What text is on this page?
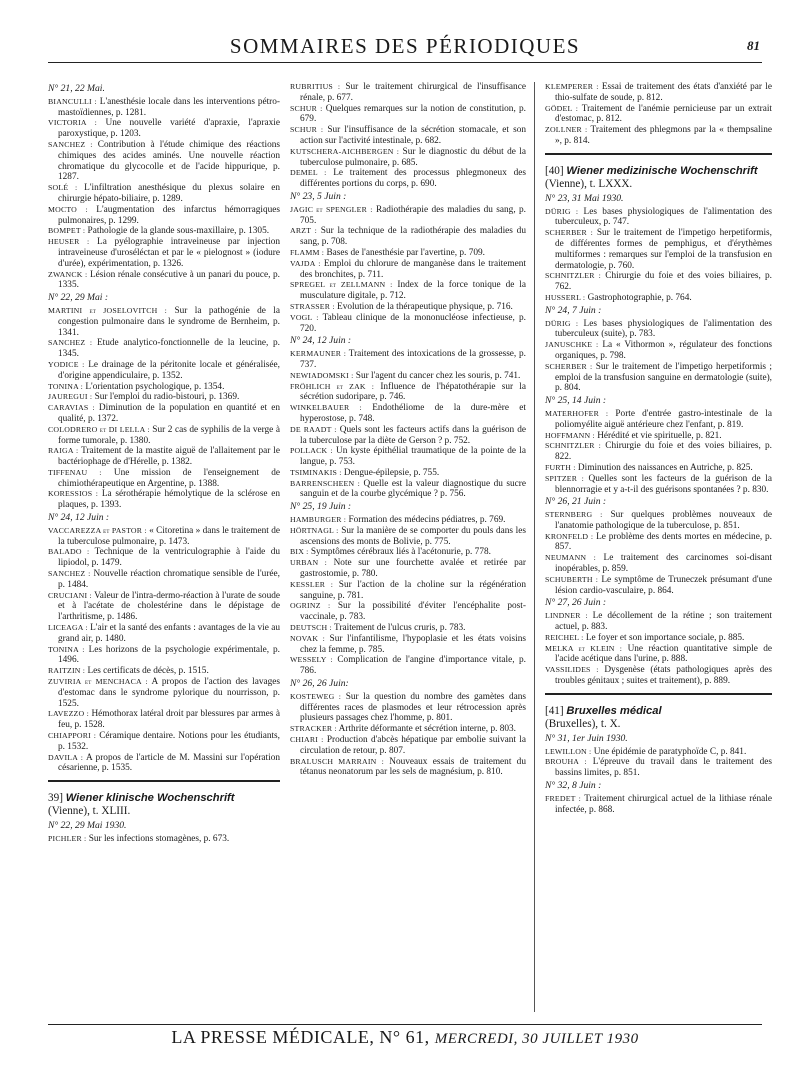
SOMMAIRES DES PÉRIODIQUES	81
N° 21, 22 Mai.

BIANCULLI : L'anesthésie locale dans les interventions pétro-mastoïdiennes, p. 1281.

VICTORIA : Une nouvelle variété d'apraxie, l'apraxie paroxystique, p. 1203.

SANCHEZ : Contribution à l'étude chimique des réactions chimiques des acides aminés. Une nouvelle réaction chromatique du glycocolle et de l'acide hippurique, p. 1287.

SOLÉ : L'infiltration anesthésique du plexus solaire en chirurgie hépato-biliaire, p. 1289.

MOCTO : L'augmentation des infarctus hémorragiques pulmonaires, p. 1299.

BOMPET : Pathologie de la glande sous-maxillaire, p. 1305.

HEUSER : La pyélographie intraveineuse par injection intraveineuse d'uroséléctan et par le « pielognost » (iodure d'urée), expérimentation, p. 1326.

ZWANCK : Lésion rénale consécutive à un panari du pouce, p. 1335.

N° 22, 29 Mai :

MARTINI et JOSELOVITCH : Sur la pathogénie de la congestion pulmonaire dans le syndrome de Bernheim, p. 1341.

SANCHEZ : Etude analytico-fonctionnelle de la leucine, p. 1345.

YODICE : Le drainage de la péritonite locale et généralisée, d'origine appendiculaire, p. 1352.

TONINA : L'orientation psychologique, p. 1354.

JAUREGUI : Sur l'emploi du radio-bistouri, p. 1369.

CARAVIAS : Diminution de la population en quantité et en qualité, p. 1372.

COLODRERO et DI LELLA : Sur 2 cas de syphilis de la verge à forme tumorale, p. 1380.

RAIGA : Traitement de la mastite aiguë de l'allaitement par le bactériophage de d'Hérelle, p. 1382.

TIFFENAU : Une mission de l'enseignement de chimiothérapeutique en Argentine, p. 1388.

KORESSIOS : La sérothérapie hémolytique de la sclérose en plaques, p. 1393.

N° 24, 12 Juin :

VACCAREZZA et PASTOR : « Citoretina » dans le traitement de la tuberculose pulmonaire, p. 1473.

BALADO : Technique de la ventriculographie à l'aide du lipiodol, p. 1479.

SANCHEZ : Nouvelle réaction chromatique sensible de l'urée, p. 1484.

CRUCIANI : Valeur de l'intra-dermo-réaction à l'urate de soude et à l'acétate de cholestérine dans le dépistage de l'arthritisme, p. 1486.

LICEAGA : L'air et la santé des enfants : avantages de la vie au grand air, p. 1480.

TONINA : Les horizons de la psychologie expérimentale, p. 1496.

RAITZIN : Les certificats de décès, p. 1515.

ZUVIRIA et MENCHACA : A propos de l'action des lavages d'estomac dans le syndrome pylorique du nourrisson, p. 1525.

LAVEZZO : Hémothorax latéral droit par blessures par armes à feu, p. 1528.

CHIAPPORI : Céramique dentaire. Notions pour les étudiants, p. 1532.

DAVILA : A propos de l'article de M. Massini sur l'opération césarienne, p. 1535.

39] Wiener klinische Wochenschrift
(Vienne), t. XLIII.
N° 22, 29 Mai 1930.

PICHLER : Sur les infections stomagènes, p. 673.

RUBRITIUS : Sur le traitement chirurgical de l'insuffisance rénale, p. 677.

SCHUR : Quelques remarques sur la notion de constitution, p. 679.

SCHUR : Sur l'insuffisance de la sécrétion stomacale, et son action sur l'activité intestinale, p. 682.

KUTSCHERA-AICHBERGEN : Sur le diagnostic du début de la tuberculose pulmonaire, p. 685.

DEMEL : Le traitement des processus phlegmoneux des différentes portions du corps, p. 690.

N° 23, 5 Juin :

JAGIC et SPENGLER : Radiothérapie des maladies du sang, p. 705.

ARZT : Sur la technique de la radiothérapie des maladies du sang, p. 708.

FLAMM : Bases de l'anesthésie par l'avertine, p. 709.

VAJDA : Emploi du chlorure de manganèse dans le traitement des bronchites, p. 711.

SPREGEL et ZELLMANN : Index de la force tonique de la musculature digitale, p. 712.

STRASSER : Evolution de la thérapeutique physique, p. 716.

VOGL : Tableau clinique de la mononucléose infectieuse, p. 720.

N° 24, 12 Juin :

KERMAUNER : Traitement des intoxications de la grossesse, p. 737.

NEWIADOMSKI : Sur l'agent du cancer chez les souris, p. 741.

FRÖHLICH et ZAK : Influence de l'hépatothérapie sur la sécrétion sudoripare, p. 746.

WINKELBAUER : Endothéliome de la dure-mère et hyperostose, p. 748.

DE RAADT : Quels sont les facteurs actifs dans la guérison de la tuberculose par la diète de Gerson ? p. 752.

POLLACK : Un kyste épithélial traumatique de la pointe de la langue, p. 753.

TSIMINAKIS : Dengue-épilepsie, p. 755.

BARRENSCHEEN : Quelle est la valeur diagnostique du sucre sanguin et de la courbe glycémique ? p. 756.

N° 25, 19 Juin :

HAMBURGER : Formation des médecins pédiatres, p. 769.

HÖRTNAGL : Sur la manière de se comporter du pouls dans les ascensions des monts de Bolivie, p. 775.

BIX : Symptômes cérébraux liés à l'acétonurie, p. 778.

URBAN : Note sur une fourchette avalée et retirée par gastrostomie, p. 780.

KESSLER : Sur l'action de la choline sur la régénération sanguine, p. 781.

OGRINZ : Sur la possibilité d'éviter l'encéphalite post-vaccinale, p. 783.

DEUTSCH : Traitement de l'ulcus cruris, p. 783.

NOVAK : Sur l'infantilisme, l'hypoplasie et les états voisins chez la femme, p. 785.

WESSELY : Complication de l'angine d'importance vitale, p. 786.

N° 26, 26 Juin:

KOSTEWEG : Sur la question du nombre des gamètes dans différentes races de plasmodes et leur rétrocession après plusieurs passages chez l'homme, p. 801.

STRACKER : Arthrite déformante et sécrétion interne, p. 803.

CHIARI : Production d'abcès hépatique par embolie suivant la circulation de retour, p. 807.

BRALUSCH MARRAIN : Nouveaux essais de traitement du tétanus neonatorum par les sels de magnésium, p. 810.

KLEMPERER : Essai de traitement des états d'anxiété par le thio-sulfate de soude, p. 812.

GÖDEL : Traitement de l'anémie pernicieuse par un extrait d'estomac, p. 812.

ZOLLNER : Traitement des phlegmons par la « thempsaline », p. 814.

[40] Wiener medizinische Wochenschrift
(Vienne), t. LXXX.
N° 23, 31 Mai 1930.

DÜRIG : Les bases physiologiques de l'alimentation des tuberculeux, p. 747.

SCHERBER : Sur le traitement de l'impetigo herpetiformis, de différentes formes de pemphigus, et d'érythèmes multiformes : remarques sur l'emploi de la transfusion en dermatologie, p. 760.

SCHNITZLER : Chirurgie du foie et des voies biliaires, p. 762.

HUSSERL : Gastrophotographie, p. 764.

N° 24, 7 Juin :

DÜRIG : Les bases physiologiques de l'alimentation des tuberculeux (suite), p. 783.

JANUSCHKE : La « Vithormon », régulateur des fonctions organiques, p. 798.

SCHERBER : Sur le traitement de l'impetigo herpetiformis ; emploi de la transfusion sanguine en dermatologie (suite), p. 804.

N° 25, 14 Juin :

MATERHOFER : Porte d'entrée gastro-intestinale de la poliomyélite aiguë antérieure chez l'enfant, p. 819.

HOFFMANN : Hérédité et vie spirituelle, p. 821.

SCHNITZLER : Chirurgie du foie et des voies biliaires, p. 822.

FURTH : Diminution des naissances en Autriche, p. 825.

SPITZER : Quelles sont les facteurs de la guérison de la blennorragie et y a-t-il des guérisons spontanées ? p. 830.

N° 26, 21 Juin :

STERNBERG : Sur quelques problèmes nouveaux de l'anatomie pathologique de la tuberculose, p. 851.

KRONFELD : Le problème des dents mortes en médecine, p. 857.

NEUMANN : Le traitement des carcinomes soi-disant inopérables, p. 859.

SCHUBERTH : Le symptôme de Truneczek présumant d'une lésion cardio-vasculaire, p. 864.

N° 27, 26 Juin :

LINDNER : Le décollement de la rétine ; son traitement actuel, p. 883.

REICHEL : Le foyer et son importance sociale, p. 885.

MELKA et KLEIN : Une réaction quantitative simple de l'acide acétique dans l'urine, p. 888.

VASSILIDES : Dysgenèse (états pathologiques après des troubles génitaux ; suites et traitement), p. 889.

[41] Bruxelles médical
(Bruxelles), t. X.
N° 31, 1er Juin 1930.

LEWILLON : Une épidémie de paratyphoïde C, p. 841.

BROUHA : L'épreuve du travail dans le traitement des bassins limites, p. 851.

N° 32, 8 Juin :

FREDET : Traitement chirurgical actuel de la lithiase rénale infectée, p. 868.

LA PRESSE MÉDICALE, N° 61, MERCREDI, 30 JUILLET 1930
